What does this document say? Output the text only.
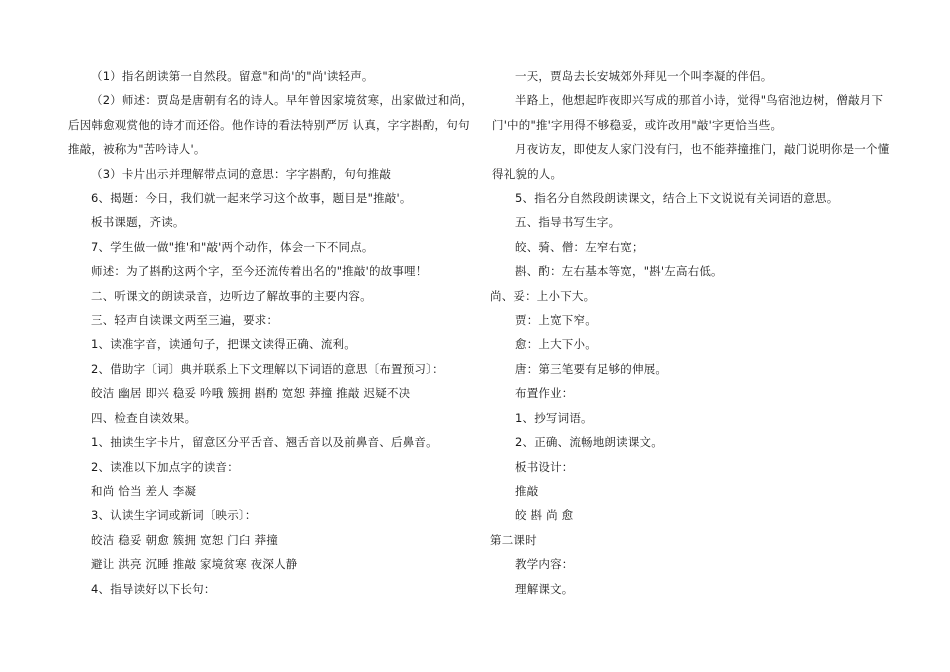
（1）指名朗读第一自然段。留意"和尚'的"尚'读轻声。
（2）师述：贾岛是唐朝有名的诗人。早年曾因家境贫寒，出家做过和尚，
后因韩愈观赏他的诗才而还俗。他作诗的看法特别严厉 认真，字字斟酌，句句
推敲，被称为"苦吟诗人'。
（3）卡片出示并理解带点词的意思：字字斟酌，句句推敲
6、揭题：今日，我们就一起来学习这个故事，题目是"推敲'。
板书课题，齐读。
7、学生做一做"推'和"敲'两个动作，体会一下不同点。
师述：为了斟酌这两个字，至今还流传着出名的"推敲'的故事哩！
二、听课文的朗读录音，边听边了解故事的主要内容。
三、轻声自读课文两至三遍，要求：
1、读准字音，读通句子，把课文读得正确、流利。
2、借助字〔词〕典并联系上下文理解以下词语的意思〔布置预习〕：
皎洁 幽居 即兴 稳妥 吟哦 簇拥 斟酌 宽恕 莽撞 推敲 迟疑不决
四、检查自读效果。
1、抽读生字卡片，留意区分平舌音、翘舌音以及前鼻音、后鼻音。
2、读准以下加点字的读音：
和尚 恰当 差人 李凝
3、认读生字词或新词〔映示〕：
皎洁 稳妥 朝愈 簇拥 宽恕 门臼 莽撞
避让 洪亮 沉睡 推敲 家境贫寒 夜深人静
4、指导读好以下长句：
一天，贾岛去长安城郊外拜见一个叫李凝的伴侣。
半路上，他想起昨夜即兴写成的那首小诗，觉得"鸟宿池边树，僧敲月下
门'中的"推'字用得不够稳妥，或许改用"敲'字更恰当些。
月夜访友，即使友人家门没有闩，也不能莽撞推门，敲门说明你是一个懂
得礼貌的人。
5、指名分自然段朗读课文，结合上下文说说有关词语的意思。
五、指导书写生字。
皎、骑、僧：左窄右宽；
斟、酌：左右基本等宽，"斟'左高右低。
尚、妥：上小下大。
贾：上宽下窄。
愈：上大下小。
唐：第三笔要有足够的伸展。
布置作业：
1、抄写词语。
2、正确、流畅地朗读课文。
板书设计：
推敲
皎 斟 尚 愈
第二课时
教学内容：
理解课文。
